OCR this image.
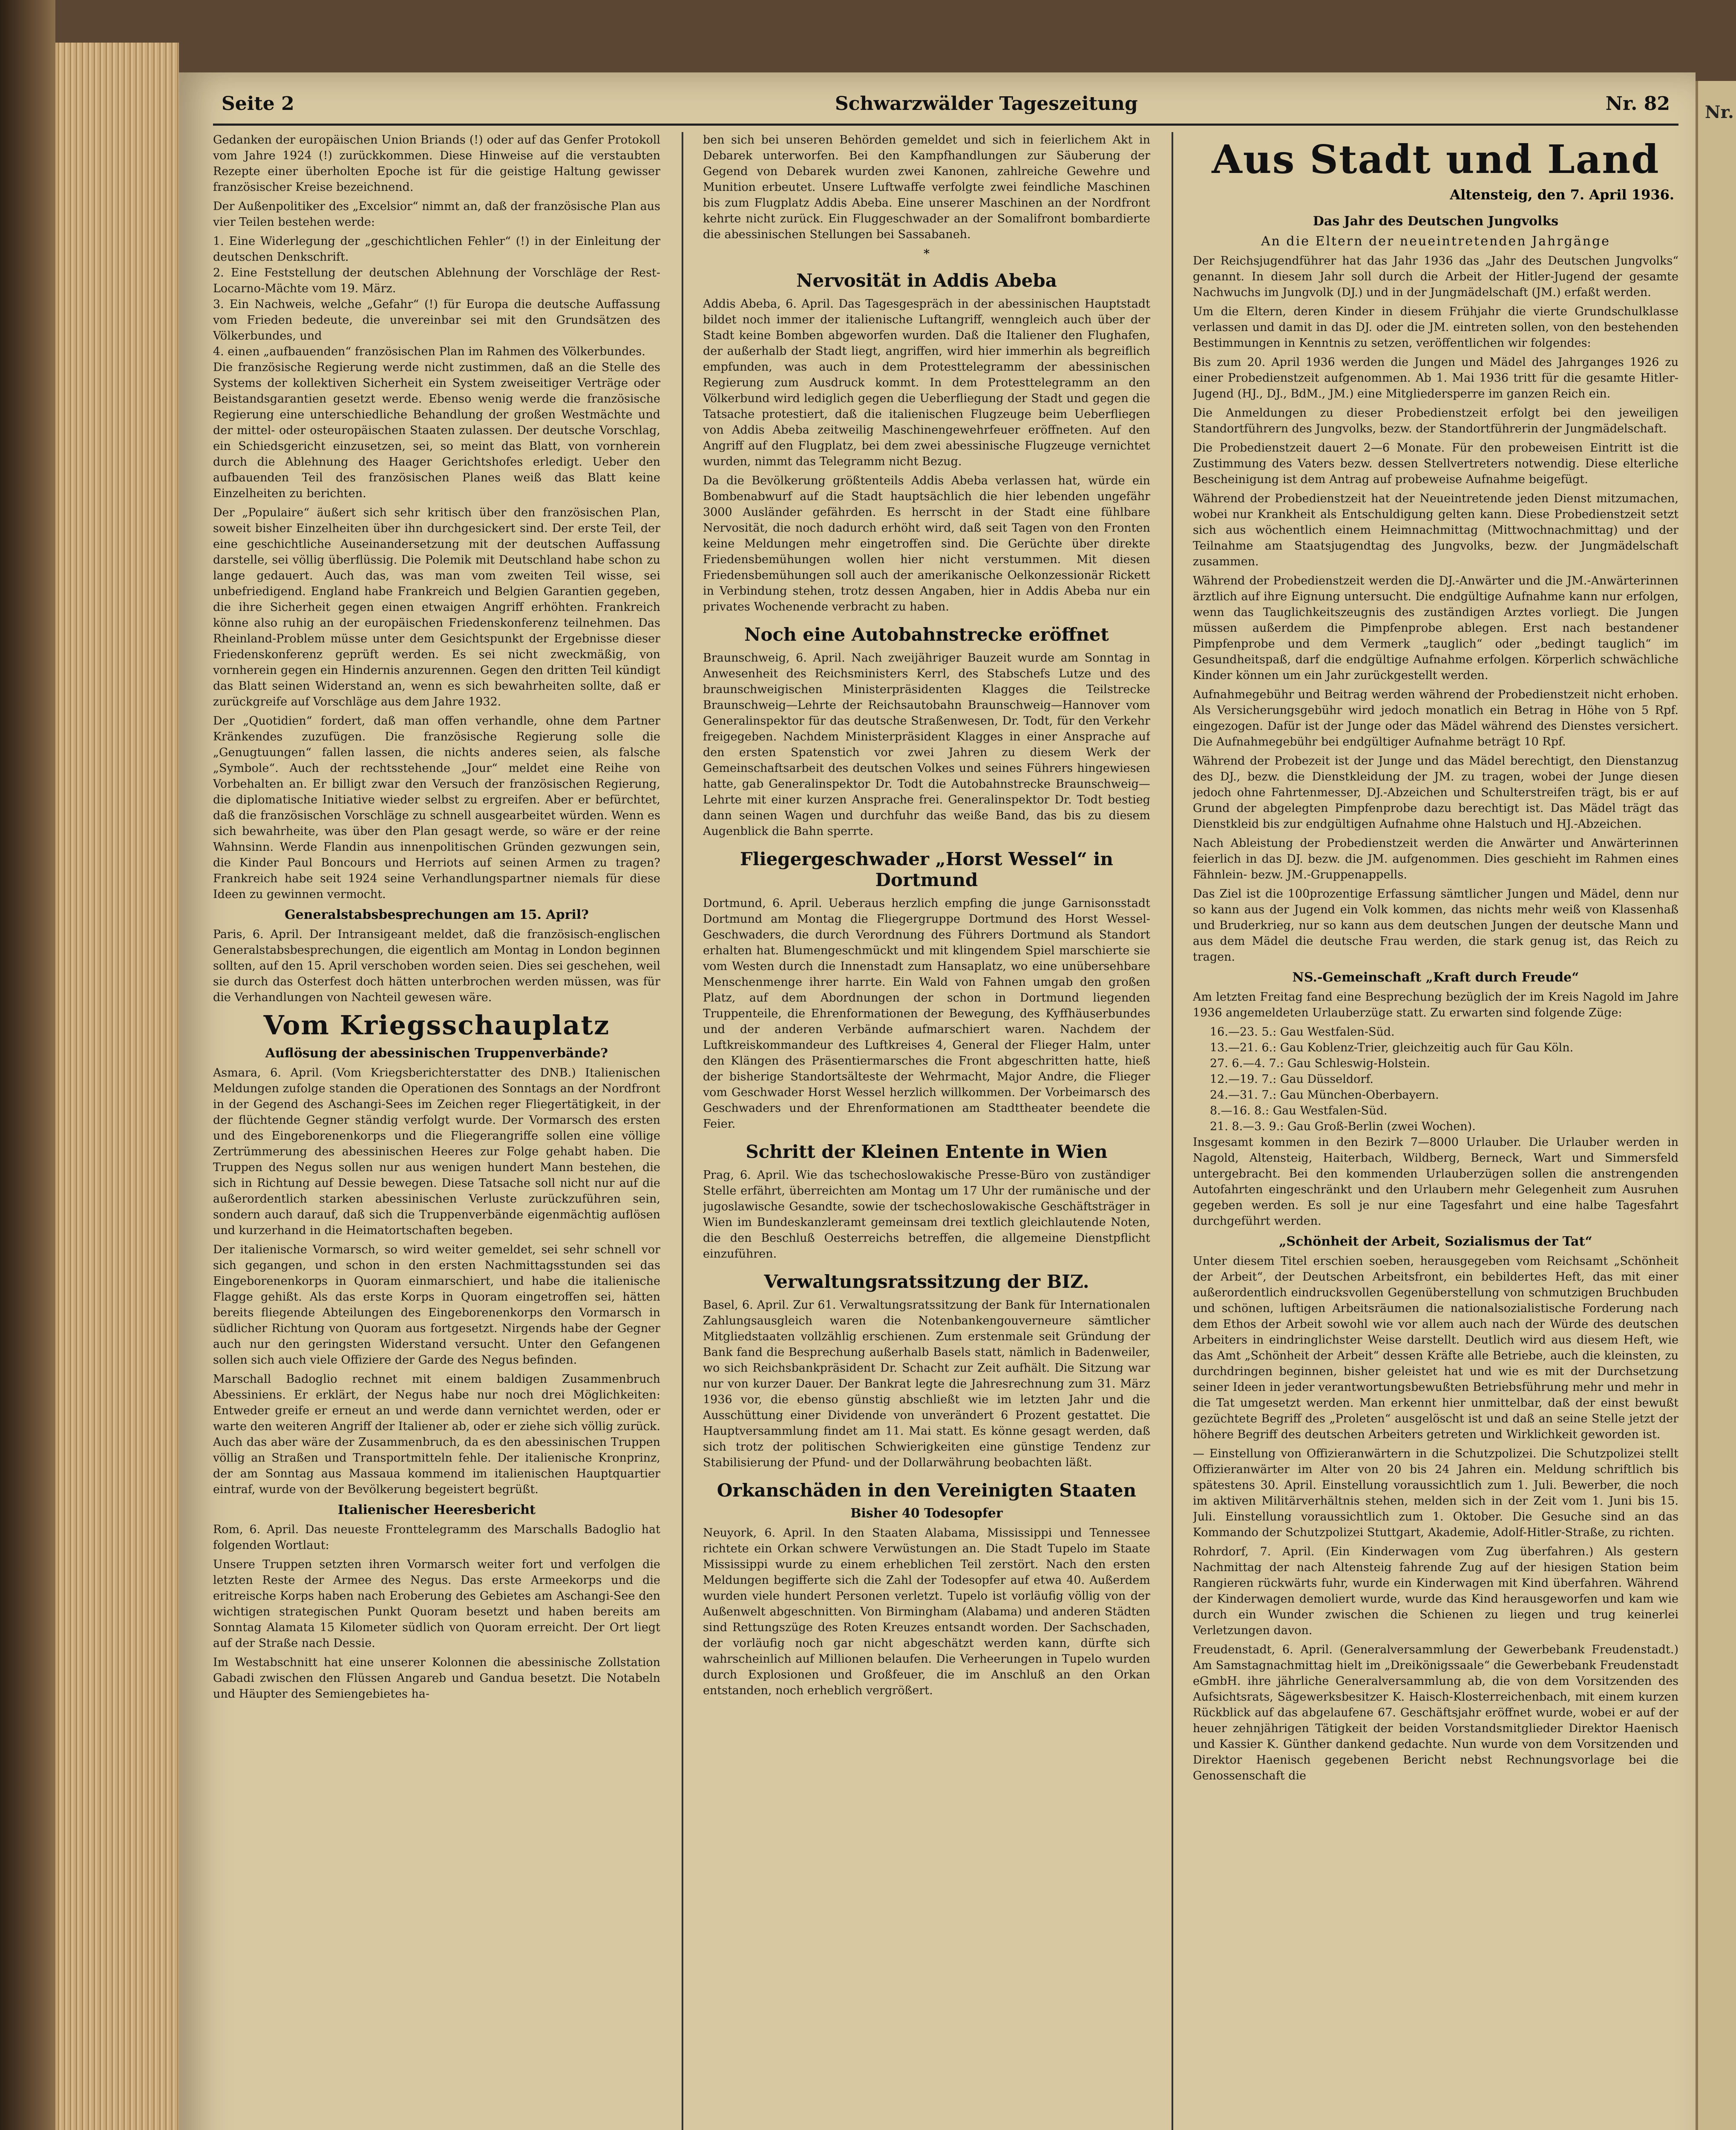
Seite 2	Schwarzwälder Tageszeitung	Nr. 82

Gedanken der europäischen Union Briands (!) oder auf das Genfer Protokoll vom Jahre 1924 (!) zurückkommen. Diese Hinweise auf die verstaubten Rezepte einer überholten Epoche ist für die geistige Haltung gewisser französischer Kreise bezeichnend.

Der Außenpolitiker des „Excelsior“ nimmt an, daß der französische Plan aus vier Teilen bestehen werde:

1. Eine Widerlegung der „geschichtlichen Fehler“ (!) in der Einleitung der deutschen Denkschrift.

2. Eine Feststellung der deutschen Ablehnung der Vorschläge der Rest-Locarno-Mächte vom 19. März.

3. Ein Nachweis, welche „Gefahr“ (!) für Europa die deutsche Auffassung vom Frieden bedeute, die unvereinbar sei mit den Grundsätzen des Völkerbundes, und

4. einen „aufbauenden“ französischen Plan im Rahmen des Völkerbundes.

Die französische Regierung werde nicht zustimmen, daß an die Stelle des Systems der kollektiven Sicherheit ein System zweiseitiger Verträge oder Beistandsgarantien gesetzt werde. Ebenso wenig werde die französische Regierung eine unterschiedliche Behandlung der großen Westmächte und der mittel- oder osteuropäischen Staaten zulassen. Der deutsche Vorschlag, ein Schiedsgericht einzusetzen, sei, so meint das Blatt, von vornherein durch die Ablehnung des Haager Gerichtshofes erledigt. Ueber den aufbauenden Teil des französischen Planes weiß das Blatt keine Einzelheiten zu berichten.

Der „Populaire“ äußert sich sehr kritisch über den französischen Plan, soweit bisher Einzelheiten über ihn durchgesickert sind. Der erste Teil, der eine geschichtliche Auseinandersetzung mit der deutschen Auffassung darstelle, sei völlig überflüssig. Die Polemik mit Deutschland habe schon zu lange gedauert. Auch das, was man vom zweiten Teil wisse, sei unbefriedigend. England habe Frankreich und Belgien Garantien gegeben, die ihre Sicherheit gegen einen etwaigen Angriff erhöhten. Frankreich könne also ruhig an der europäischen Friedenskonferenz teilnehmen. Das Rheinland-Problem müsse unter dem Gesichtspunkt der Ergebnisse dieser Friedenskonferenz geprüft werden. Es sei nicht zweckmäßig, von vornherein gegen ein Hindernis anzurennen. Gegen den dritten Teil kündigt das Blatt seinen Widerstand an, wenn es sich bewahrheiten sollte, daß er zurückgreife auf Vorschläge aus dem Jahre 1932.

Der „Quotidien“ fordert, daß man offen verhandle, ohne dem Partner Kränkendes zuzufügen. Die französische Regierung solle die „Genugtuungen“ fallen lassen, die nichts anderes seien, als falsche „Symbole“. Auch der rechtsstehende „Jour“ meldet eine Reihe von Vorbehalten an. Er billigt zwar den Versuch der französischen Regierung, die diplomatische Initiative wieder selbst zu ergreifen. Aber er befürchtet, daß die französischen Vorschläge zu schnell ausgearbeitet würden. Wenn es sich bewahrheite, was über den Plan gesagt werde, so wäre er der reine Wahnsinn. Werde Flandin aus innenpolitischen Gründen gezwungen sein, die Kinder Paul Boncours und Herriots auf seinen Armen zu tragen? Frankreich habe seit 1924 seine Verhandlungspartner niemals für diese Ideen zu gewinnen vermocht.

Generalstabsbesprechungen am 15. April?

Paris, 6. April. Der Intransigeant meldet, daß die französisch-englischen Generalstabsbesprechungen, die eigentlich am Montag in London beginnen sollten, auf den 15. April verschoben worden seien. Dies sei geschehen, weil sie durch das Osterfest doch hätten unterbrochen werden müssen, was für die Verhandlungen von Nachteil gewesen wäre.

Vom Kriegsschauplatz
Auflösung der abessinischen Truppenverbände?

Asmara, 6. April. (Vom Kriegsberichterstatter des DNB.) Italienischen Meldungen zufolge standen die Operationen des Sonntags an der Nordfront in der Gegend des Aschangi-Sees im Zeichen reger Fliegertätigkeit, in der der flüchtende Gegner ständig verfolgt wurde. Der Vormarsch des ersten und des Eingeborenenkorps und die Fliegerangriffe sollen eine völlige Zertrümmerung des abessinischen Heeres zur Folge gehabt haben. Die Truppen des Negus sollen nur aus wenigen hundert Mann bestehen, die sich in Richtung auf Dessie bewegen. Diese Tatsache soll nicht nur auf die außerordentlich starken abessinischen Verluste zurückzuführen sein, sondern auch darauf, daß sich die Truppenverbände eigenmächtig auflösen und kurzerhand in die Heimatortschaften begeben.

Der italienische Vormarsch, so wird weiter gemeldet, sei sehr schnell vor sich gegangen, und schon in den ersten Nachmittagsstunden sei das Eingeborenenkorps in Quoram einmarschiert, und habe die italienische Flagge gehißt. Als das erste Korps in Quoram eingetroffen sei, hätten bereits fliegende Abteilungen des Eingeborenenkorps den Vormarsch in südlicher Richtung von Quoram aus fortgesetzt. Nirgends habe der Gegner auch nur den geringsten Widerstand versucht. Unter den Gefangenen sollen sich auch viele Offiziere der Garde des Negus befinden.

Marschall Badoglio rechnet mit einem baldigen Zusammenbruch Abessiniens. Er erklärt, der Negus habe nur noch drei Möglichkeiten: Entweder greife er erneut an und werde dann vernichtet werden, oder er warte den weiteren Angriff der Italiener ab, oder er ziehe sich völlig zurück. Auch das aber wäre der Zusammenbruch, da es den abessinischen Truppen völlig an Straßen und Transportmitteln fehle. Der italienische Kronprinz, der am Sonntag aus Massaua kommend im italienischen Hauptquartier eintraf, wurde von der Bevölkerung begeistert begrüßt.

Italienischer Heeresbericht

Rom, 6. April. Das neueste Fronttelegramm des Marschalls Badoglio hat folgenden Wortlaut:

Unsere Truppen setzten ihren Vormarsch weiter fort und verfolgen die letzten Reste der Armee des Negus. Das erste Armeekorps und die eritreische Korps haben nach Eroberung des Gebietes am Aschangi-See den wichtigen strategischen Punkt Quoram besetzt und haben bereits am Sonntag Alamata 15 Kilometer südlich von Quoram erreicht. Der Ort liegt auf der Straße nach Dessie.

Im Westabschnitt hat eine unserer Kolonnen die abessinische Zollstation Gabadi zwischen den Flüssen Angareb und Gandua besetzt. Die Notabeln und Häupter des Semiengebietes ha-

ben sich bei unseren Behörden gemeldet und sich in feierlichem Akt in Debarek unterworfen. Bei den Kampfhandlungen zur Säuberung der Gegend von Debarek wurden zwei Kanonen, zahlreiche Gewehre und Munition erbeutet. Unsere Luftwaffe verfolgte zwei feindliche Maschinen bis zum Flugplatz Addis Abeba. Eine unserer Maschinen an der Nordfront kehrte nicht zurück. Ein Fluggeschwader an der Somalifront bombardierte die abessinischen Stellungen bei Sassabaneh.

*
Nervosität in Addis Abeba

Addis Abeba, 6. April. Das Tagesgespräch in der abessinischen Hauptstadt bildet noch immer der italienische Luftangriff, wenngleich auch über der Stadt keine Bomben abgeworfen wurden. Daß die Italiener den Flughafen, der außerhalb der Stadt liegt, angriffen, wird hier immerhin als begreiflich empfunden, was auch in dem Protesttelegramm der abessinischen Regierung zum Ausdruck kommt. In dem Protesttelegramm an den Völkerbund wird lediglich gegen die Ueberfliegung der Stadt und gegen die Tatsache protestiert, daß die italienischen Flugzeuge beim Ueberfliegen von Addis Abeba zeitweilig Maschinengewehrfeuer eröffneten. Auf den Angriff auf den Flugplatz, bei dem zwei abessinische Flugzeuge vernichtet wurden, nimmt das Telegramm nicht Bezug.

Da die Bevölkerung größtenteils Addis Abeba verlassen hat, würde ein Bombenabwurf auf die Stadt hauptsächlich die hier lebenden ungefähr 3000 Ausländer gefährden. Es herrscht in der Stadt eine fühlbare Nervosität, die noch dadurch erhöht wird, daß seit Tagen von den Fronten keine Meldungen mehr eingetroffen sind. Die Gerüchte über direkte Friedensbemühungen wollen hier nicht verstummen. Mit diesen Friedensbemühungen soll auch der amerikanische Oelkonzessionär Rickett in Verbindung stehen, trotz dessen Angaben, hier in Addis Abeba nur ein privates Wochenende verbracht zu haben.

Noch eine Autobahnstrecke eröffnet

Braunschweig, 6. April. Nach zweijähriger Bauzeit wurde am Sonntag in Anwesenheit des Reichsministers Kerrl, des Stabschefs Lutze und des braunschweigischen Ministerpräsidenten Klagges die Teilstrecke Braunschweig—Lehrte der Reichsautobahn Braunschweig—Hannover vom Generalinspektor für das deutsche Straßenwesen, Dr. Todt, für den Verkehr freigegeben. Nachdem Ministerpräsident Klagges in einer Ansprache auf den ersten Spatenstich vor zwei Jahren zu diesem Werk der Gemeinschaftsarbeit des deutschen Volkes und seines Führers hingewiesen hatte, gab Generalinspektor Dr. Todt die Autobahnstrecke Braunschweig—Lehrte mit einer kurzen Ansprache frei. Generalinspektor Dr. Todt bestieg dann seinen Wagen und durchfuhr das weiße Band, das bis zu diesem Augenblick die Bahn sperrte.

Fliegergeschwader „Horst Wessel“ in Dortmund

Dortmund, 6. April. Ueberaus herzlich empfing die junge Garnisonsstadt Dortmund am Montag die Fliegergruppe Dortmund des Horst Wessel-Geschwaders, die durch Verordnung des Führers Dortmund als Standort erhalten hat. Blumengeschmückt und mit klingendem Spiel marschierte sie vom Westen durch die Innenstadt zum Hansaplatz, wo eine unübersehbare Menschenmenge ihrer harrte. Ein Wald von Fahnen umgab den großen Platz, auf dem Abordnungen der schon in Dortmund liegenden Truppenteile, die Ehrenformationen der Bewegung, des Kyffhäuserbundes und der anderen Verbände aufmarschiert waren. Nachdem der Luftkreiskommandeur des Luftkreises 4, General der Flieger Halm, unter den Klängen des Präsentiermarsches die Front abgeschritten hatte, hieß der bisherige Standortsälteste der Wehrmacht, Major Andre, die Flieger vom Geschwader Horst Wessel herzlich willkommen. Der Vorbeimarsch des Geschwaders und der Ehrenformationen am Stadttheater beendete die Feier.

Schritt der Kleinen Entente in Wien

Prag, 6. April. Wie das tschechoslowakische Presse-Büro von zuständiger Stelle erfährt, überreichten am Montag um 17 Uhr der rumänische und der jugoslawische Gesandte, sowie der tschechoslowakische Geschäftsträger in Wien im Bundeskanzleramt gemeinsam drei textlich gleichlautende Noten, die den Beschluß Oesterreichs betreffen, die allgemeine Dienstpflicht einzuführen.

Verwaltungsratssitzung der BIZ.

Basel, 6. April. Zur 61. Verwaltungsratssitzung der Bank für Internationalen Zahlungsausgleich waren die Notenbankengouverneure sämtlicher Mitgliedstaaten vollzählig erschienen. Zum erstenmale seit Gründung der Bank fand die Besprechung außerhalb Basels statt, nämlich in Badenweiler, wo sich Reichsbankpräsident Dr. Schacht zur Zeit aufhält. Die Sitzung war nur von kurzer Dauer. Der Bankrat legte die Jahresrechnung zum 31. März 1936 vor, die ebenso günstig abschließt wie im letzten Jahr und die Ausschüttung einer Dividende von unverändert 6 Prozent gestattet. Die Hauptversammlung findet am 11. Mai statt. Es könne gesagt werden, daß sich trotz der politischen Schwierigkeiten eine günstige Tendenz zur Stabilisierung der Pfund- und der Dollarwährung beobachten läßt.

Orkanschäden in den Vereinigten Staaten
Bisher 40 Todesopfer

Neuyork, 6. April. In den Staaten Alabama, Mississippi und Tennessee richtete ein Orkan schwere Verwüstungen an. Die Stadt Tupelo im Staate Mississippi wurde zu einem erheblichen Teil zerstört. Nach den ersten Meldungen begifferte sich die Zahl der Todesopfer auf etwa 40. Außerdem wurden viele hundert Personen verletzt. Tupelo ist vorläufig völlig von der Außenwelt abgeschnitten. Von Birmingham (Alabama) und anderen Städten sind Rettungszüge des Roten Kreuzes entsandt worden. Der Sachschaden, der vorläufig noch gar nicht abgeschätzt werden kann, dürfte sich wahrscheinlich auf Millionen belaufen. Die Verheerungen in Tupelo wurden durch Explosionen und Großfeuer, die im Anschluß an den Orkan entstanden, noch erheblich vergrößert.

Aus Stadt und Land
Altensteig, den 7. April 1936.
Das Jahr des Deutschen Jungvolks
An die Eltern der neueintretenden Jahrgänge

Der Reichsjugendführer hat das Jahr 1936 das „Jahr des Deutschen Jungvolks“ genannt. In diesem Jahr soll durch die Arbeit der Hitler-Jugend der gesamte Nachwuchs im Jungvolk (DJ.) und in der Jungmädelschaft (JM.) erfaßt werden.

Um die Eltern, deren Kinder in diesem Frühjahr die vierte Grundschulklasse verlassen und damit in das DJ. oder die JM. eintreten sollen, von den bestehenden Bestimmungen in Kenntnis zu setzen, veröffentlichen wir folgendes:

Bis zum 20. April 1936 werden die Jungen und Mädel des Jahrganges 1926 zu einer Probedienstzeit aufgenommen. Ab 1. Mai 1936 tritt für die gesamte Hitler-Jugend (HJ., DJ., BdM., JM.) eine Mitgliedersperre im ganzen Reich ein.

Die Anmeldungen zu dieser Probedienstzeit erfolgt bei den jeweiligen Standortführern des Jungvolks, bezw. der Standortführerin der Jungmädelschaft.

Die Probedienstzeit dauert 2—6 Monate. Für den probeweisen Eintritt ist die Zustimmung des Vaters bezw. dessen Stellvertreters notwendig. Diese elterliche Bescheinigung ist dem Antrag auf probeweise Aufnahme beigefügt.

Während der Probedienstzeit hat der Neueintretende jeden Dienst mitzumachen, wobei nur Krankheit als Entschuldigung gelten kann. Diese Probedienstzeit setzt sich aus wöchentlich einem Heimnachmittag (Mittwochnachmittag) und der Teilnahme am Staatsjugendtag des Jungvolks, bezw. der Jungmädelschaft zusammen.

Während der Probedienstzeit werden die DJ.-Anwärter und die JM.-Anwärterinnen ärztlich auf ihre Eignung untersucht. Die endgültige Aufnahme kann nur erfolgen, wenn das Tauglichkeitszeugnis des zuständigen Arztes vorliegt. Die Jungen müssen außerdem die Pimpfenprobe ablegen. Erst nach bestandener Pimpfenprobe und dem Vermerk „tauglich“ oder „bedingt tauglich“ im Gesundheitspaß, darf die endgültige Aufnahme erfolgen. Körperlich schwächliche Kinder können um ein Jahr zurückgestellt werden.

Aufnahmegebühr und Beitrag werden während der Probedienstzeit nicht erhoben. Als Versicherungsgebühr wird jedoch monatlich ein Betrag in Höhe von 5 Rpf. eingezogen. Dafür ist der Junge oder das Mädel während des Dienstes versichert. Die Aufnahmegebühr bei endgültiger Aufnahme beträgt 10 Rpf.

Während der Probezeit ist der Junge und das Mädel berechtigt, den Dienstanzug des DJ., bezw. die Dienstkleidung der JM. zu tragen, wobei der Junge diesen jedoch ohne Fahrtenmesser, DJ.-Abzeichen und Schulterstreifen trägt, bis er auf Grund der abgelegten Pimpfenprobe dazu berechtigt ist. Das Mädel trägt das Dienstkleid bis zur endgültigen Aufnahme ohne Halstuch und HJ.-Abzeichen.

Nach Ableistung der Probedienstzeit werden die Anwärter und Anwärterinnen feierlich in das DJ. bezw. die JM. aufgenommen. Dies geschieht im Rahmen eines Fähnlein- bezw. JM.-Gruppenappells.

Das Ziel ist die 100prozentige Erfassung sämtlicher Jungen und Mädel, denn nur so kann aus der Jugend ein Volk kommen, das nichts mehr weiß von Klassenhaß und Bruderkrieg, nur so kann aus dem deutschen Jungen der deutsche Mann und aus dem Mädel die deutsche Frau werden, die stark genug ist, das Reich zu tragen.

NS.-Gemeinschaft „Kraft durch Freude“

Am letzten Freitag fand eine Besprechung bezüglich der im Kreis Nagold im Jahre 1936 angemeldeten Urlauberzüge statt. Zu erwarten sind folgende Züge:

16.—23. 5.: Gau Westfalen-Süd.

13.—21. 6.: Gau Koblenz-Trier, gleichzeitig auch für Gau Köln.

27. 6.—4. 7.: Gau Schleswig-Holstein.

12.—19. 7.: Gau Düsseldorf.

24.—31. 7.: Gau München-Oberbayern.

8.—16. 8.: Gau Westfalen-Süd.

21. 8.—3. 9.: Gau Groß-Berlin (zwei Wochen).

Insgesamt kommen in den Bezirk 7—8000 Urlauber. Die Urlauber werden in Nagold, Altensteig, Haiterbach, Wildberg, Berneck, Wart und Simmersfeld untergebracht. Bei den kommenden Urlauberzügen sollen die anstrengenden Autofahrten eingeschränkt und den Urlaubern mehr Gelegenheit zum Ausruhen gegeben werden. Es soll je nur eine Tagesfahrt und eine halbe Tagesfahrt durchgeführt werden.

„Schönheit der Arbeit, Sozialismus der Tat“

Unter diesem Titel erschien soeben, herausgegeben vom Reichsamt „Schönheit der Arbeit“, der Deutschen Arbeitsfront, ein bebildertes Heft, das mit einer außerordentlich eindrucksvollen Gegenüberstellung von schmutzigen Bruchbuden und schönen, luftigen Arbeitsräumen die nationalsozialistische Forderung nach dem Ethos der Arbeit sowohl wie vor allem auch nach der Würde des deutschen Arbeiters in eindringlichster Weise darstellt. Deutlich wird aus diesem Heft, wie das Amt „Schönheit der Arbeit“ dessen Kräfte alle Betriebe, auch die kleinsten, zu durchdringen beginnen, bisher geleistet hat und wie es mit der Durchsetzung seiner Ideen in jeder verantwortungsbewußten Betriebsführung mehr und mehr in die Tat umgesetzt werden. Man erkennt hier unmittelbar, daß der einst bewußt gezüchtete Begriff des „Proleten“ ausgelöscht ist und daß an seine Stelle jetzt der höhere Begriff des deutschen Arbeiters getreten und Wirklichkeit geworden ist.

— Einstellung von Offizieranwärtern in die Schutzpolizei. Die Schutzpolizei stellt Offizieranwärter im Alter von 20 bis 24 Jahren ein. Meldung schriftlich bis spätestens 30. April. Einstellung voraussichtlich zum 1. Juli. Bewerber, die noch im aktiven Militärverhältnis stehen, melden sich in der Zeit vom 1. Juni bis 15. Juli. Einstellung voraussichtlich zum 1. Oktober. Die Gesuche sind an das Kommando der Schutzpolizei Stuttgart, Akademie, Adolf-Hitler-Straße, zu richten.

Rohrdorf, 7. April. (Ein Kinderwagen vom Zug überfahren.) Als gestern Nachmittag der nach Altensteig fahrende Zug auf der hiesigen Station beim Rangieren rückwärts fuhr, wurde ein Kinderwagen mit Kind überfahren. Während der Kinderwagen demoliert wurde, wurde das Kind herausgeworfen und kam wie durch ein Wunder zwischen die Schienen zu liegen und trug keinerlei Verletzungen davon.

Freudenstadt, 6. April. (Generalversammlung der Gewerbebank Freudenstadt.) Am Samstagnachmittag hielt im „Dreikönigssaale“ die Gewerbebank Freudenstadt eGmbH. ihre jährliche Generalversammlung ab, die von dem Vorsitzenden des Aufsichtsrats, Sägewerksbesitzer K. Haisch-Klosterreichenbach, mit einem kurzen Rückblick auf das abgelaufene 67. Geschäftsjahr eröffnet wurde, wobei er auf der heuer zehnjährigen Tätigkeit der beiden Vorstandsmitglieder Direktor Haenisch und Kassier K. Günther dankend gedachte. Nun wurde von dem Vorsitzenden und Direktor Haenisch gegebenen Bericht nebst Rechnungsvorlage bei die Genossenschaft die

Nr.
